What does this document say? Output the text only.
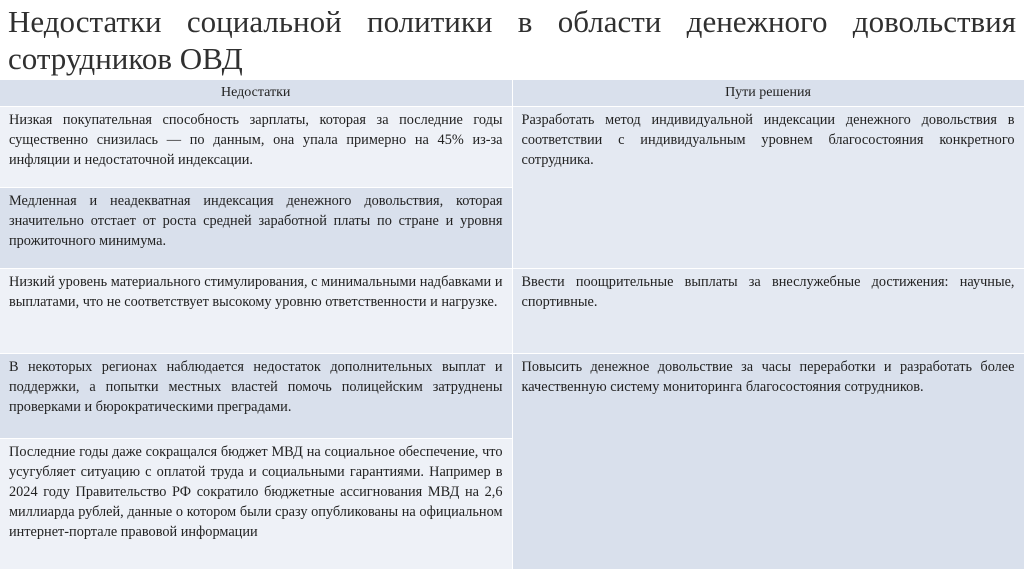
Недостатки социальной политики в области денежного довольствия сотрудников ОВД
Недостатки	Пути решения
Низкая покупательная способность зарплаты, которая за последние годы существенно снизилась — по данным, она упала примерно на 45% из-за инфляции и недостаточной индексации.	Разработать метод индивидуальной индексации денежного довольствия в соответствии с индивидуальным уровнем благосостояния конкретного сотрудника.
Медленная и неадекватная индексация денежного довольствия, которая значительно отстает от роста средней заработной платы по стране и уровня прожиточного минимума.	
Низкий уровень материального стимулирования, с минимальными надбавками и выплатами, что не соответствует высокому уровню ответственности и нагрузке.	Ввести поощрительные выплаты за внеслужебные достижения: научные, спортивные.
В некоторых регионах наблюдается недостаток дополнительных выплат и поддержки, а попытки местных властей помочь полицейским затруднены проверками и бюрократическими преградами.	Повысить денежное довольствие за часы переработки и разработать более качественную систему мониторинга благосостояния сотрудников.
Последние годы даже сокращался бюджет МВД на социальное обеспечение, что усугубляет ситуацию с оплатой труда и социальными гарантиями. Например в 2024 году Правительство РФ сократило бюджетные ассигнования МВД на 2,6 миллиарда рублей, данные о котором были сразу опубликованы на официальном интернет-портале правовой информации	
